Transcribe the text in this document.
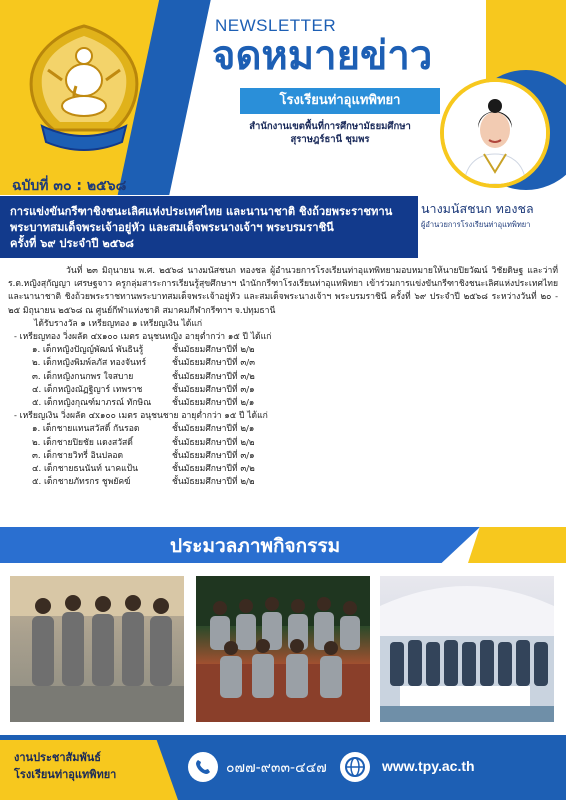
NEWSLETTER
จดหมายข่าว
โรงเรียนท่าอุแทพิทยา
สำนักงานเขตพื้นที่การศึกษามัธยมศึกษา
สุราษฎร์ธานี ชุมพร
ฉบับที่ ๓๐ : ๒๕๖๘
การแข่งขันกรีฑาชิงชนะเลิศแห่งประเทศไทย และนานาชาติ ชิงถ้วยพระราชทาน
พระบาทสมเด็จพระเจ้าอยู่หัว และสมเด็จพระนางเจ้าฯ พระบรมราชินี
ครั้งที่ ๖๙ ประจำปี ๒๕๖๘
นางมนัสชนก ทองชล
ผู้อำนวยการโรงเรียนท่าอุแทพิทยา

วันที่ ๒๓ มิถุนายน พ.ศ. ๒๕๖๘ นางมนัสชนก ทองชล ผู้อำนวยการโรงเรียนท่าอุแทพิทยามอบหมายให้นายปิยวัฒน์ วิชัยดิษฐ และว่าที่ร.ต.หญิงสุกัญญา เศรษฐจาว ครูกลุ่มสาระการเรียนรู้สุขศึกษาฯ นำนักกรีฑาโรงเรียนท่าอุแทพิทยา เข้าร่วมการแข่งขันกรีฑาชิงชนะเลิศแห่งประเทศไทย และนานาชาติ ชิงถ้วยพระราชทานพระบาทสมเด็จพระเจ้าอยู่หัว และสมเด็จพระนางเจ้าฯ พระบรมราชินี ครั้งที่ ๖๙ ประจำปี ๒๕๖๘ ระหว่างวันที่ ๒๐ - ๒๕ มิถุนายน ๒๕๖๘ ณ ศูนย์กีฬาแห่งชาติ สมาคมกีฬากรีฑาฯ จ.ปทุมธานี

ได้รับรางวัล ๑ เหรียญทอง ๑ เหรียญเงิน ได้แก่

- เหรียญทอง วิ่งผลัด ๔x๑๐๐ เมตร อนุชนหญิง อายุต่ำกว่า ๑๕ ปี ได้แก่

๑. เด็กหญิงปัญญ์พัฒน์ พันธินรู้	ชั้นมัธยมศึกษาปีที่ ๒/๒
๒. เด็กหญิงพิมพ์ลภัส ทองจันทร์	ชั้นมัธยมศึกษาปีที่ ๓/๓
๓. เด็กหญิงกนกพร ใจสบาย	ชั้นมัธยมศึกษาปีที่ ๓/๒
๔. เด็กหญิงณัฏฐิญาร์ เทพราช	ชั้นมัธยมศึกษาปีที่ ๓/๑
๕. เด็กหญิงกุณฑ์มาภรณ์ ทักษิณ	ชั้นมัธยมศึกษาปีที่ ๒/๑

- เหรียญเงิน วิ่งผลัด ๔x๑๐๐ เมตร อนุชนชาย อายุต่ำกว่า ๑๕ ปี ได้แก่

๑. เด็กชายแทนสวัสดิ์ กันรอด	ชั้นมัธยมศึกษาปีที่ ๒/๑
๒. เด็กชายปิยชัย แดงสวัสดิ์	ชั้นมัธยมศึกษาปีที่ ๒/๒
๓. เด็กชายวิทรี่ อินปลอด	ชั้นมัธยมศึกษาปีที่ ๓/๑
๔. เด็กชายธนนันท์ นาคแป้น	ชั้นมัธยมศึกษาปีที่ ๓/๒
๕. เด็กชายภัทรกร ชูพยัคฆ์	ชั้นมัธยมศึกษาปีที่ ๒/๒
ประมวลภาพกิจกรรม
งานประชาสัมพันธ์
โรงเรียนท่าอุแทพิทยา	๐๗๗-๙๓๓-๔๔๗	www.tpy.ac.th
